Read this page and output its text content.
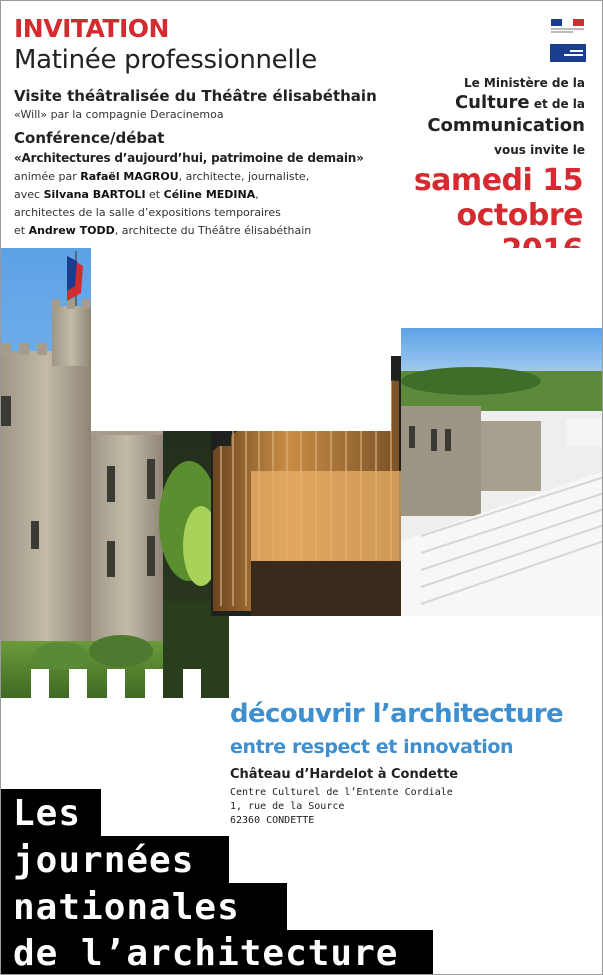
INVITATION
Matinée professionnelle
Visite théâtralisée du Théâtre élisabéthain
«Will» par la compagnie Deracinemoa
Conférence/débat
«Architectures d’aujourd’hui, patrimoine de demain»
animée par Rafaël MAGROU, architecte, journaliste,
avec Silvana BARTOLI et Céline MEDINA,
architectes de la salle d’expositions temporaires
et Andrew TODD, architecte du Théâtre élisabéthain
Le Ministère de la
Culture et de la
Communication
vous invite le
samedi 15
octobre
découvrir l’architecture
entre respect et innovation
Château d’Hardelot à Condette
Centre Culturel de l’Entente Cordiale
1, rue de la Source
62360 CONDETTE
Les
journées
nationales
de l’architecture
